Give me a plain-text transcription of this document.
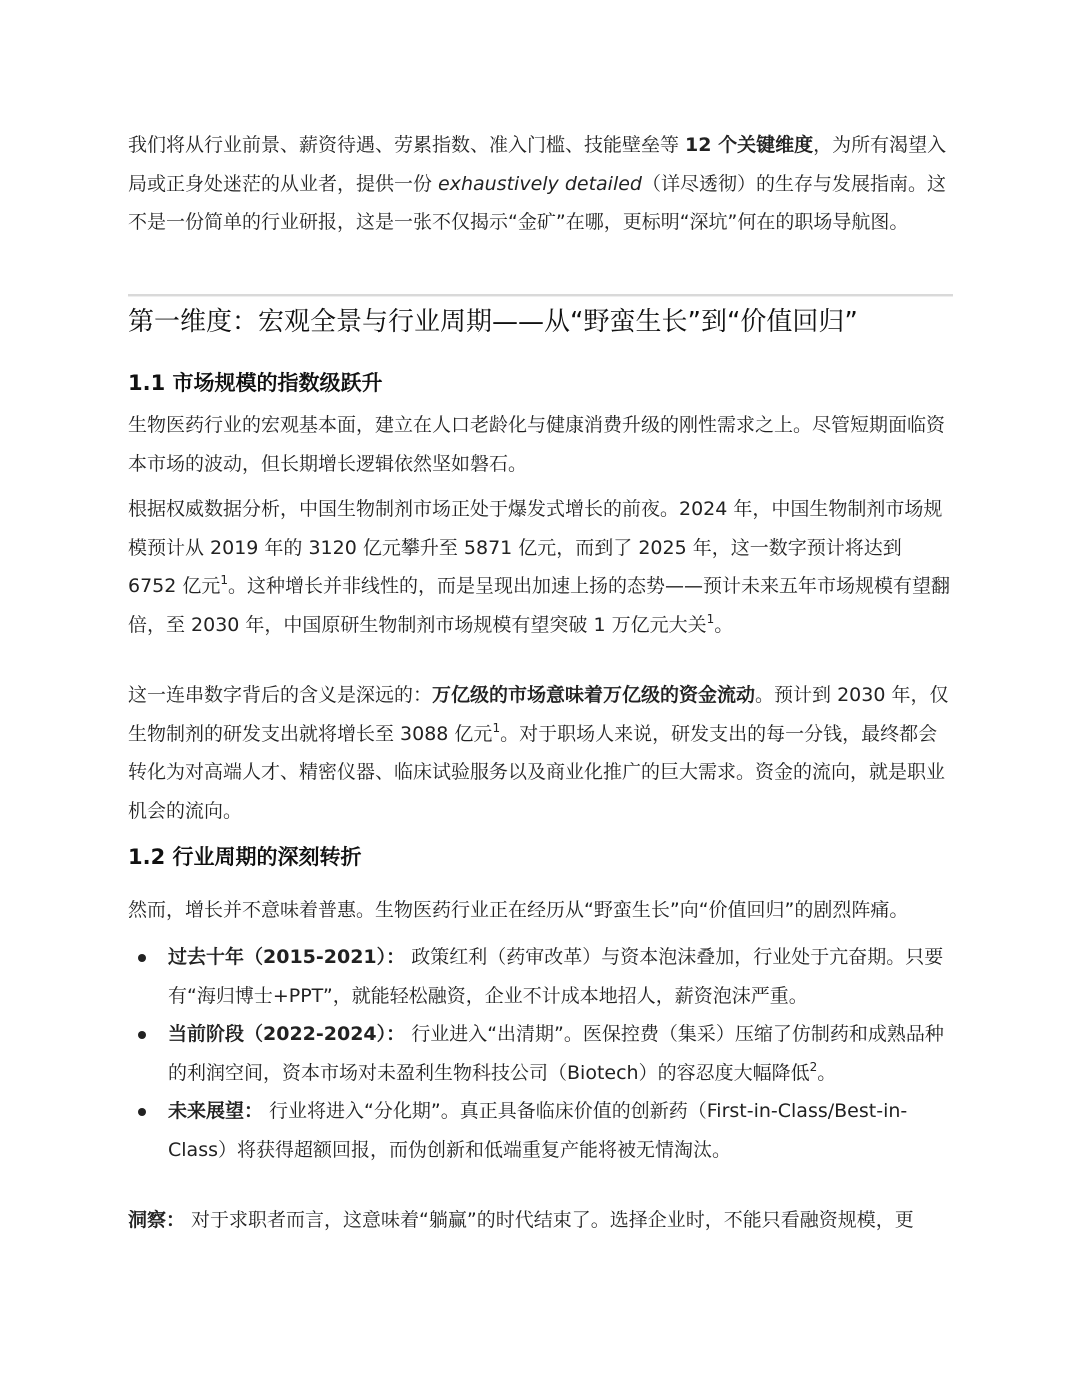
我们将从行业前景、薪资待遇、劳累指数、准入门槛、技能壁垒等 12 个关键维度，为所有渴望入局或正身处迷茫的从业者，提供一份 exhaustively detailed（详尽透彻）的生存与发展指南。这不是一份简单的行业研报，这是一张不仅揭示“金矿”在哪，更标明“深坑”何在的职场导航图。

第一维度：宏观全景与行业周期——从“野蛮生长”到“价值回归”
1.1 市场规模的指数级跃升

生物医药行业的宏观基本面，建立在人口老龄化与健康消费升级的刚性需求之上。尽管短期面临资本市场的波动，但长期增长逻辑依然坚如磐石。

根据权威数据分析，中国生物制剂市场正处于爆发式增长的前夜。2024 年，中国生物制剂市场规模预计从 2019 年的 3120 亿元攀升至 5871 亿元，而到了 2025 年，这一数字预计将达到 6752 亿元$^1$。这种增长并非线性的，而是呈现出加速上扬的态势——预计未来五年市场规模有望翻倍，至 2030 年，中国原研生物制剂市场规模有望突破 1 万亿元大关$^1$。

这一连串数字背后的含义是深远的：万亿级的市场意味着万亿级的资金流动。预计到 2030 年，仅生物制剂的研发支出就将增长至 3088 亿元$^1$。对于职场人来说，研发支出的每一分钱，最终都会转化为对高端人才、精密仪器、临床试验服务以及商业化推广的巨大需求。资金的流向，就是职业机会的流向。

1.2 行业周期的深刻转折

然而，增长并不意味着普惠。生物医药行业正在经历从“野蛮生长”向“价值回归”的剧烈阵痛。

过去十年（2015-2021）： 政策红利（药审改革）与资本泡沫叠加，行业处于亢奋期。只要有“海归博士+PPT”，就能轻松融资，企业不计成本地招人，薪资泡沫严重。
当前阶段（2022-2024）： 行业进入“出清期”。医保控费（集采）压缩了仿制药和成熟品种的利润空间，资本市场对未盈利生物科技公司（Biotech）的容忍度大幅降低$^2$。
未来展望： 行业将进入“分化期”。真正具备临床价值的创新药（First-in-Class/Best-in-Class）将获得超额回报，而伪创新和低端重复产能将被无情淘汰。

洞察： 对于求职者而言，这意味着“躺赢”的时代结束了。选择企业时，不能只看融资规模，更
